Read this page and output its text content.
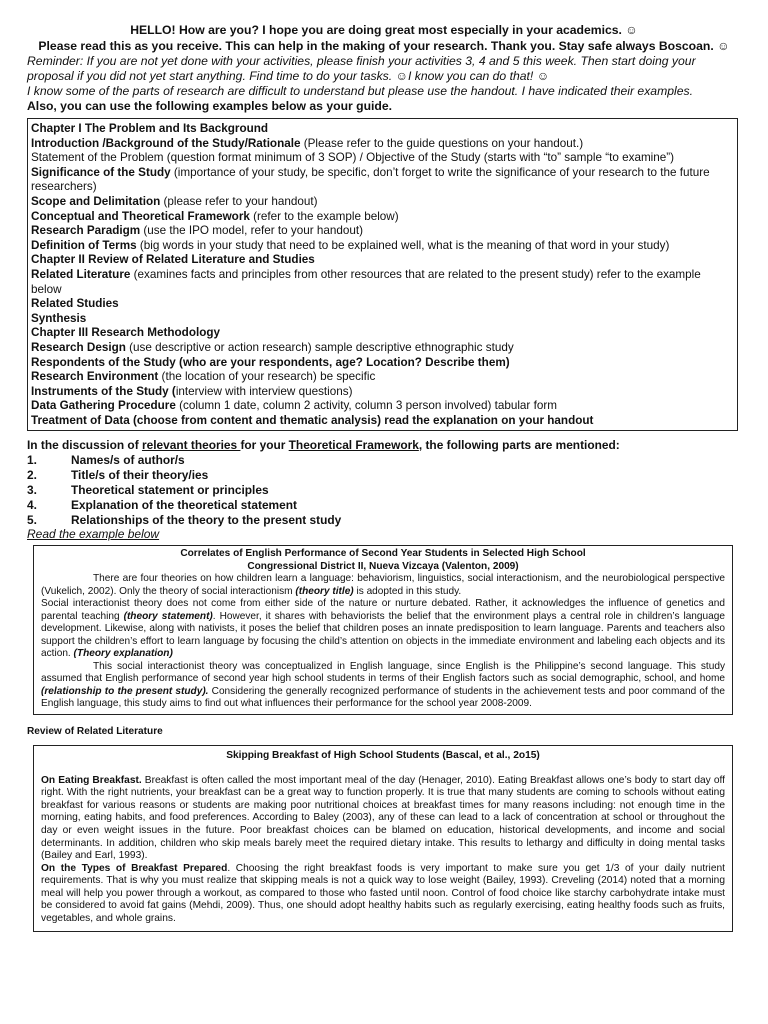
HELLO! How are you? I hope you are doing great most especially in your academics. ☺
Please read this as you receive. This can help in the making of your research. Thank you. Stay safe always Boscoan. ☺
Reminder: If you are not yet done with your activities, please finish your activities 3, 4 and 5 this week. Then start doing your proposal if you did not yet start anything. Find time to do your tasks. ☺I know you can do that! ☺
I know some of the parts of research are difficult to understand but please use the handout. I have indicated their examples.
Also, you can use the following examples below as your guide.
Chapter I The Problem and Its Background
Introduction /Background of the Study/Rationale (Please refer to the guide questions on your handout.)
Statement of the Problem (question format minimum of 3 SOP) / Objective of the Study (starts with “to” sample “to examine”)
Significance of the Study (importance of your study, be specific, don’t forget to write the significance of your research to the future researchers)
Scope and Delimitation (please refer to your handout)
Conceptual and Theoretical Framework (refer to the example below)
Research Paradigm (use the IPO model, refer to your handout)
Definition of Terms (big words in your study that need to be explained well, what is the meaning of that word in your study)
Chapter II Review of Related Literature and Studies
Related Literature (examines facts and principles from other resources that are related to the present study) refer to the example below
Related Studies
Synthesis
Chapter III Research Methodology
Research Design (use descriptive or action research) sample descriptive ethnographic study
Respondents of the Study (who are your respondents, age? Location? Describe them)
Research Environment (the location of your research) be specific
Instruments of the Study (interview with interview questions)
Data Gathering Procedure (column 1 date, column 2 activity, column 3 person involved) tabular form
Treatment of Data (choose from content and thematic analysis) read the explanation on your handout
In the discussion of relevant theories for your Theoretical Framework, the following parts are mentioned:
1.	Names/s of author/s
2.	Title/s of their theory/ies
3.	Theoretical statement or principles
4.	Explanation of the theoretical statement
5.	Relationships of the theory to the present study
Read the example below
Correlates of English Performance of Second Year Students in Selected High School
Congressional District II, Nueva Vizcaya (Valenton, 2009)
There are four theories on how children learn a language: behaviorism, linguistics, social interactionism, and the neurobiological perspective (Vukelich, 2002). Only the theory of social interactionism (theory title) is adopted in this study.
Social interactionist theory does not come from either side of the nature or nurture debated. Rather, it acknowledges the influence of genetics and parental teaching (theory statement). However, it shares with behaviorists the belief that the environment plays a central role in children’s language development. Likewise, along with nativists, it poses the belief that children poses an innate predisposition to learn language. Parents and teachers also support the children’s effort to learn language by focusing the child’s attention on objects in the immediate environment and labeling each objects and its action. (Theory explanation)
This social interactionist theory was conceptualized in English language, since English is the Philippine’s second language. This study assumed that English performance of second year high school students in terms of their English factors such as social demographic, school, and home (relationship to the present study). Considering the generally recognized performance of students in the achievement tests and poor command of the English language, this study aims to find out what influences their performance for the school year 2008-2009.
Review of Related Literature
Skipping Breakfast of High School Students (Bascal, et al., 2o15)
On Eating Breakfast. Breakfast is often called the most important meal of the day (Henager, 2010). Eating Breakfast allows one’s body to start day off right. With the right nutrients, your breakfast can be a great way to function properly. It is true that many students are coming to schools without eating breakfast for various reasons or students are making poor nutritional choices at breakfast times for many reasons including: not enough time in the morning, eating habits, and food preferences. According to Baley (2003), any of these can lead to a lack of concentration at school or throughout the day or even weight issues in the future. Poor breakfast choices can be blamed on education, historical developments, and income and social determinants. In addition, children who skip meals barely meet the required dietary intake. This results to lethargy and difficulty in doing mental tasks (Bailey and Earl, 1993).
On the Types of Breakfast Prepared. Choosing the right breakfast foods is very important to make sure you get 1/3 of your daily nutrient requirements. That is why you must realize that skipping meals is not a quick way to lose weight (Bailey, 1993). Creveling (2014) noted that a morning meal will help you power through a workout, as compared to those who fasted until noon. Control of food choice like starchy carbohydrate intake must be considered to avoid fat gains (Mehdi, 2009). Thus, one should adopt healthy habits such as regularly exercising, eating healthy foods such as fruits, vegetables, and whole grains.
